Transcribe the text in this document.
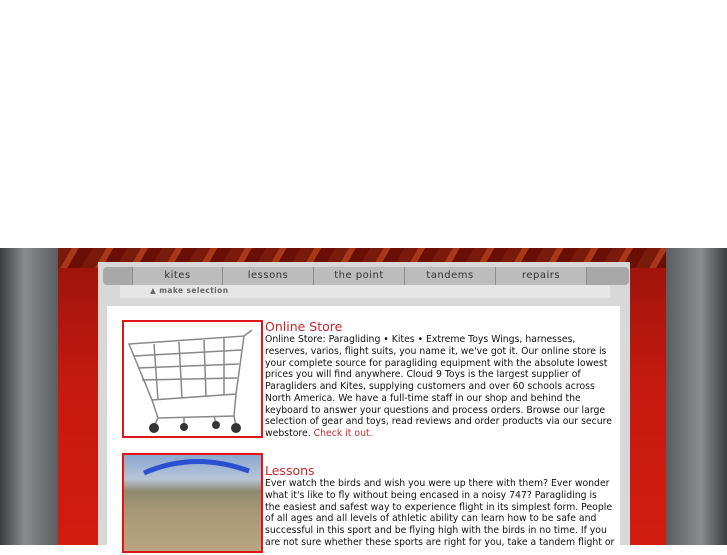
kites	lessons	the point	tandems	repairs
▲ make selection
Online Store
Online Store: Paragliding • Kites • Extreme Toys Wings, harnesses, reserves, varios, flight suits, you name it, we've got it. Our online store is your complete source for paragliding equipment with the absolute lowest prices you will find anywhere. Cloud 9 Toys is the largest supplier of Paragliders and Kites, supplying customers and over 60 schools across North America. We have a full-time staff in our shop and behind the keyboard to answer your questions and process orders. Browse our large selection of gear and toys, read reviews and order products via our secure webstore. Check it out.
Lessons
Ever watch the birds and wish you were up there with them? Ever wonder what it's like to fly without being encased in a noisy 747? Paragliding is the easiest and safest way to experience flight in its simplest form. People of all ages and all levels of athletic ability can learn how to be safe and successful in this sport and be flying high with the birds in no time. If you are not sure whether these sports are right for you, take a tandem flight or
